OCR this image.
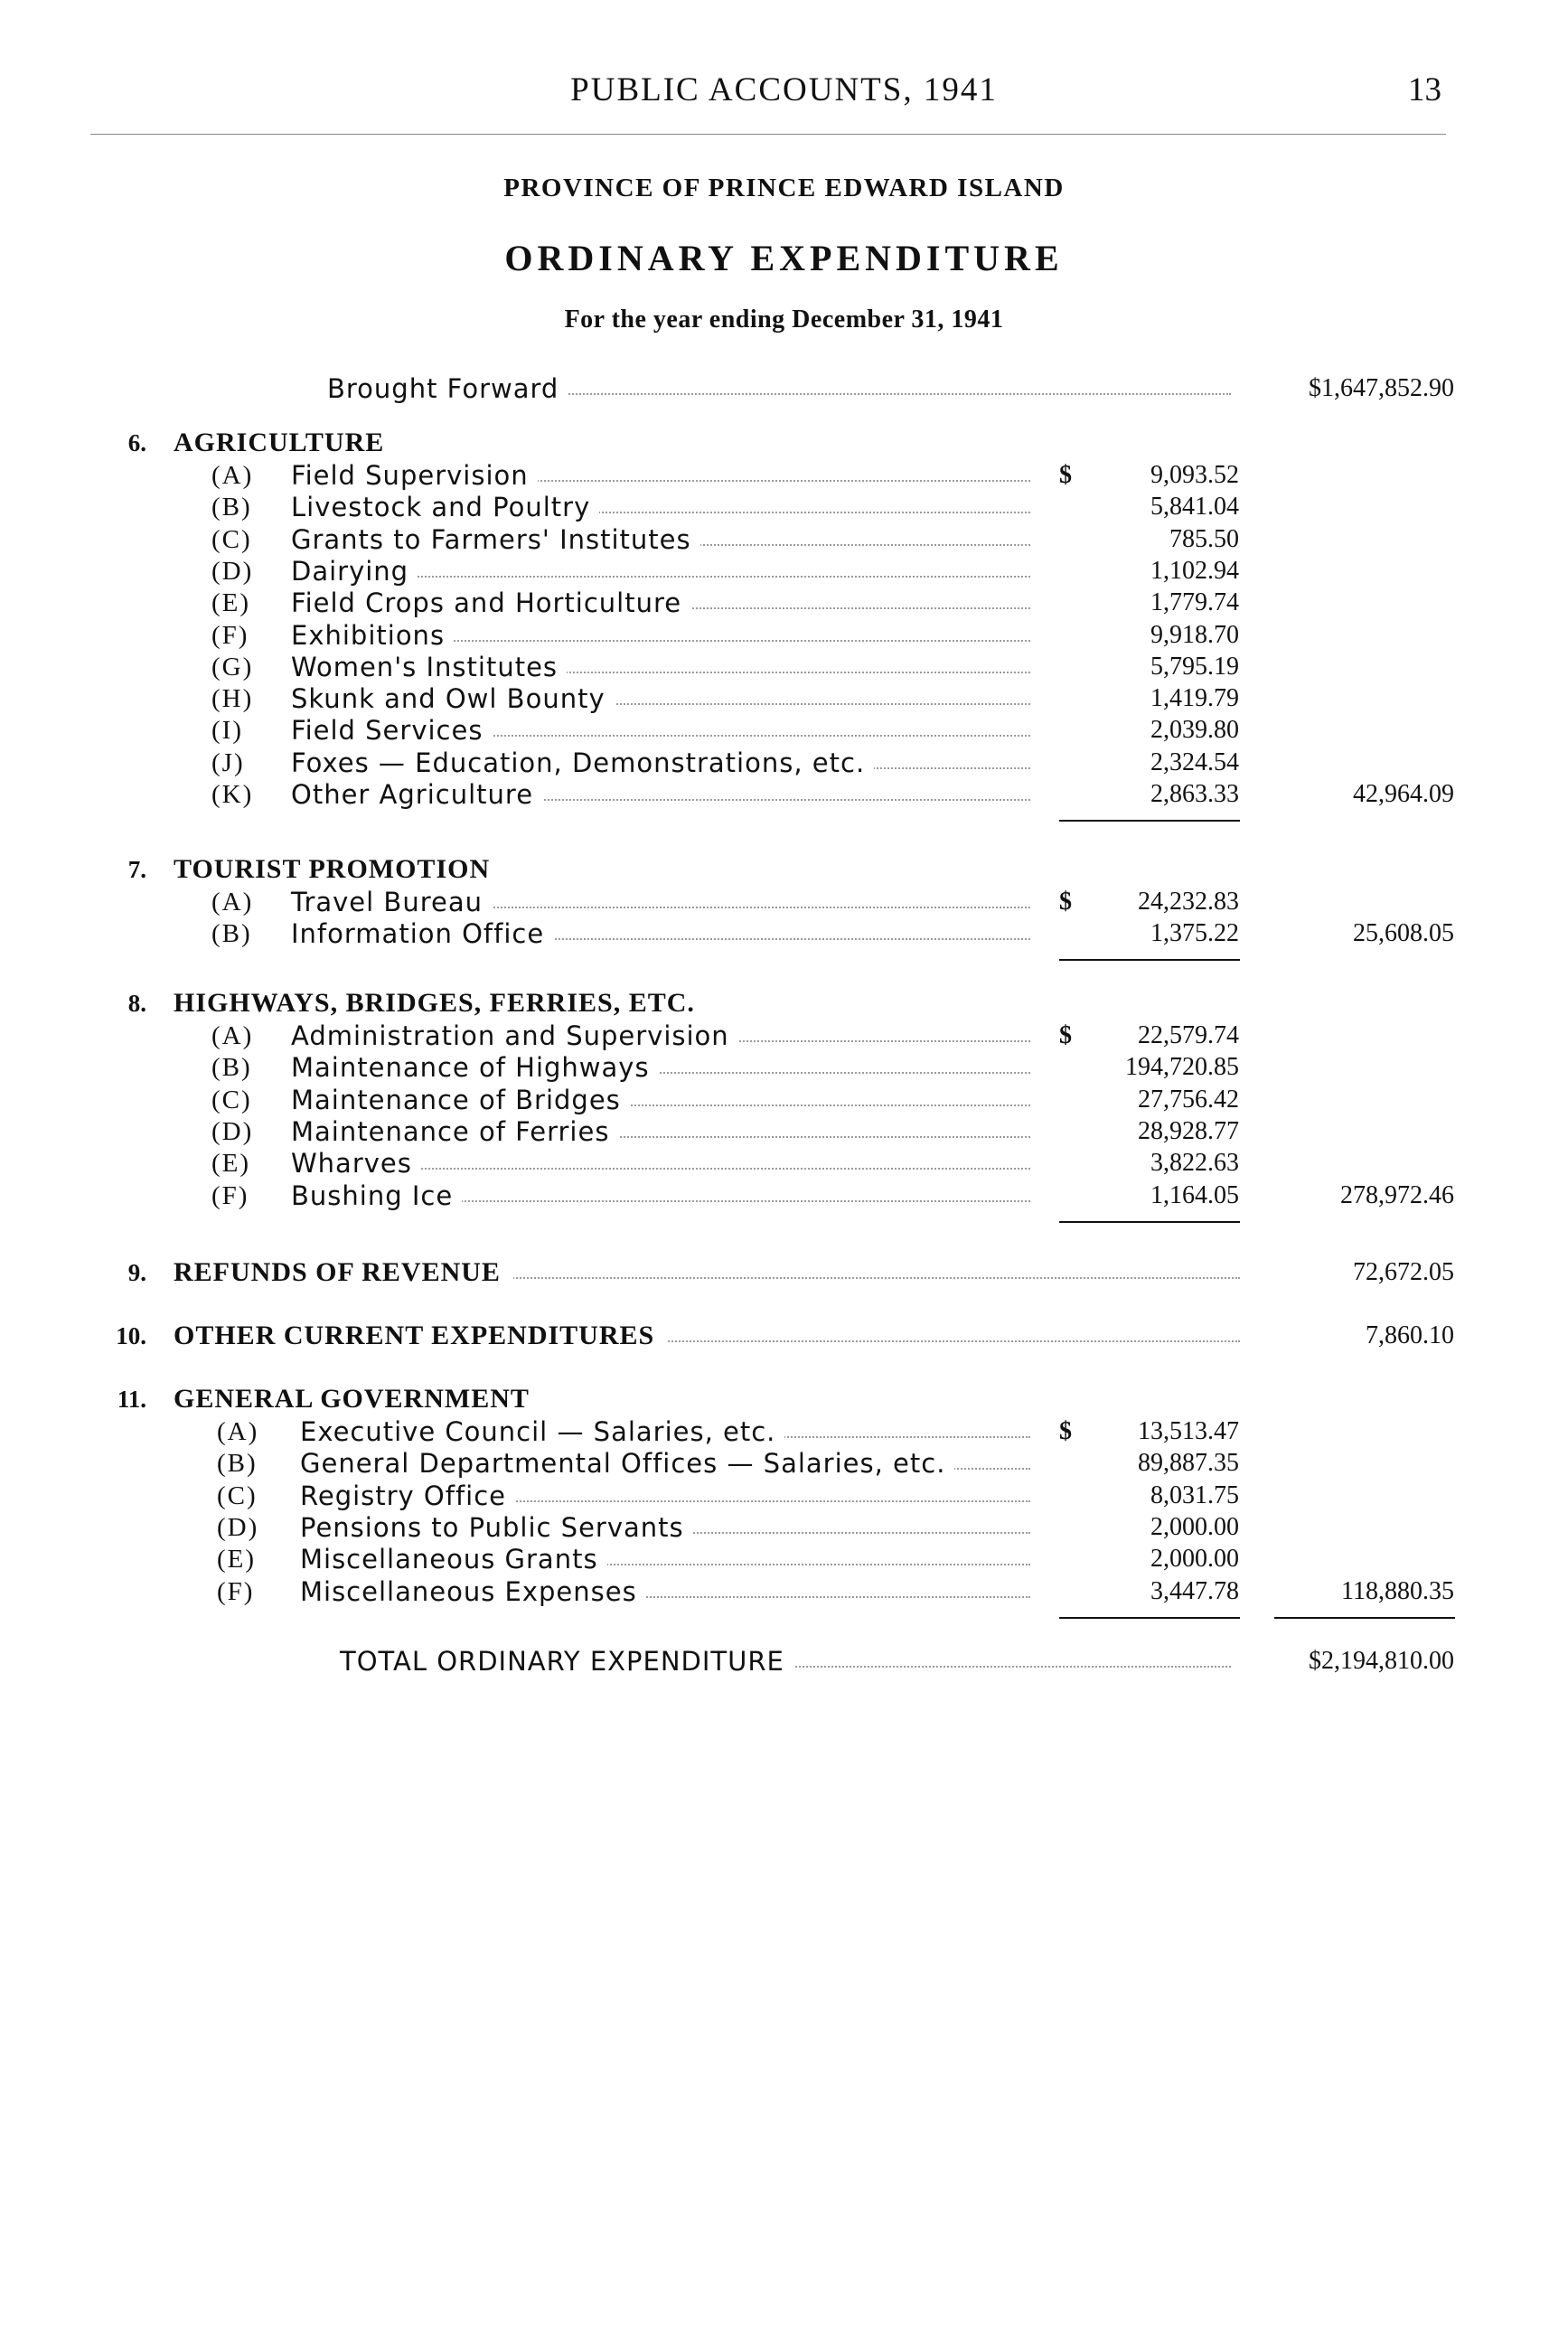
PUBLIC ACCOUNTS, 1941	13
PROVINCE OF PRINCE EDWARD ISLAND
ORDINARY EXPENDITURE
For the year ending December 31, 1941
Brought Forward	$1,647,852.90
6. AGRICULTURE
(A)	Field Supervision	$	9,093.52
(B)	Livestock and Poultry	5,841.04
(C)	Grants to Farmers' Institutes	785.50
(D)	Dairying	1,102.94
(E)	Field Crops and Horticulture	1,779.74
(F)	Exhibitions	9,918.70
(G)	Women's Institutes	5,795.19
(H)	Skunk and Owl Bounty	1,419.79
(I)	Field Services	2,039.80
(J)	Foxes — Education, Demonstrations, etc.	2,324.54
(K)	Other Agriculture	2,863.33	42,964.09
7. TOURIST PROMOTION
(A)	Travel Bureau	$	24,232.83
(B)	Information Office	1,375.22	25,608.05
8. HIGHWAYS, BRIDGES, FERRIES, ETC.
(A)	Administration and Supervision	$	22,579.74
(B)	Maintenance of Highways	194,720.85
(C)	Maintenance of Bridges	27,756.42
(D)	Maintenance of Ferries	28,928.77
(E)	Wharves	3,822.63
(F)	Bushing Ice	1,164.05	278,972.46
9. REFUNDS OF REVENUE	72,672.05
10. OTHER CURRENT EXPENDITURES	7,860.10
11. GENERAL GOVERNMENT
(A)	Executive Council — Salaries, etc.	$	13,513.47
(B)	General Departmental Offices — Salaries, etc.	89,887.35
(C)	Registry Office	8,031.75
(D)	Pensions to Public Servants	2,000.00
(E)	Miscellaneous Grants	2,000.00
(F)	Miscellaneous Expenses	3,447.78	118,880.35
TOTAL ORDINARY EXPENDITURE	$2,194,810.00
